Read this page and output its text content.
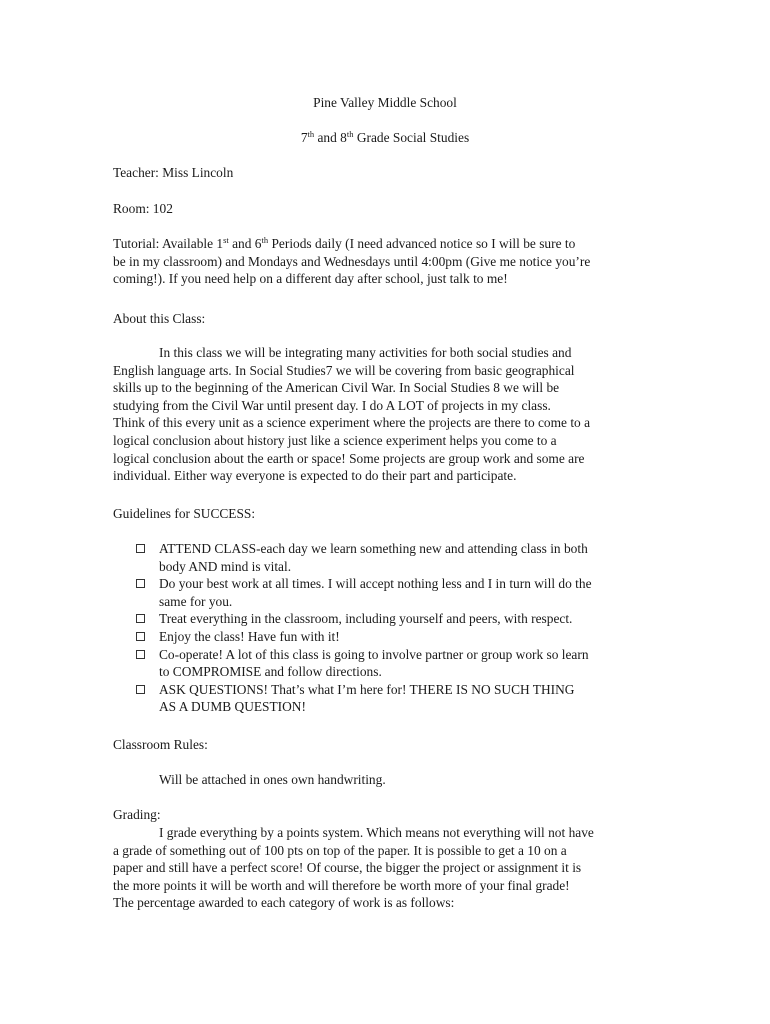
Pine Valley Middle School

7th and 8th Grade Social Studies

Teacher: Miss Lincoln

Room: 102

Tutorial: Available 1st and 6th Periods daily (I need advanced notice so I will be sure to
be in my classroom) and Mondays and Wednesdays until 4:00pm (Give me notice you’re
coming!). If you need help on a different day after school, just talk to me!

About this Class:

In this class we will be integrating many activities for both social studies and
English language arts. In Social Studies7 we will be covering from basic geographical
skills up to the beginning of the American Civil War. In Social Studies 8 we will be
studying from the Civil War until present day. I do A LOT of projects in my class.
Think of this every unit as a science experiment where the projects are there to come to a
logical conclusion about history just like a science experiment helps you come to a
logical conclusion about the earth or space! Some projects are group work and some are
individual. Either way everyone is expected to do their part and participate.

Guidelines for SUCCESS:

ATTEND CLASS-each day we learn something new and attending class in both
body AND mind is vital.
Do your best work at all times. I will accept nothing less and I in turn will do the
same for you.
Treat everything in the classroom, including yourself and peers, with respect.
Enjoy the class! Have fun with it!
Co-operate! A lot of this class is going to involve partner or group work so learn
to COMPROMISE and follow directions.
ASK QUESTIONS! That’s what I’m here for! THERE IS NO SUCH THING
AS A DUMB QUESTION!

Classroom Rules:

Will be attached in ones own handwriting.

Grading:

I grade everything by a points system. Which means not everything will not have
a grade of something out of 100 pts on top of the paper. It is possible to get a 10 on a
paper and still have a perfect score! Of course, the bigger the project or assignment it is
the more points it will be worth and will therefore be worth more of your final grade!
The percentage awarded to each category of work is as follows:
